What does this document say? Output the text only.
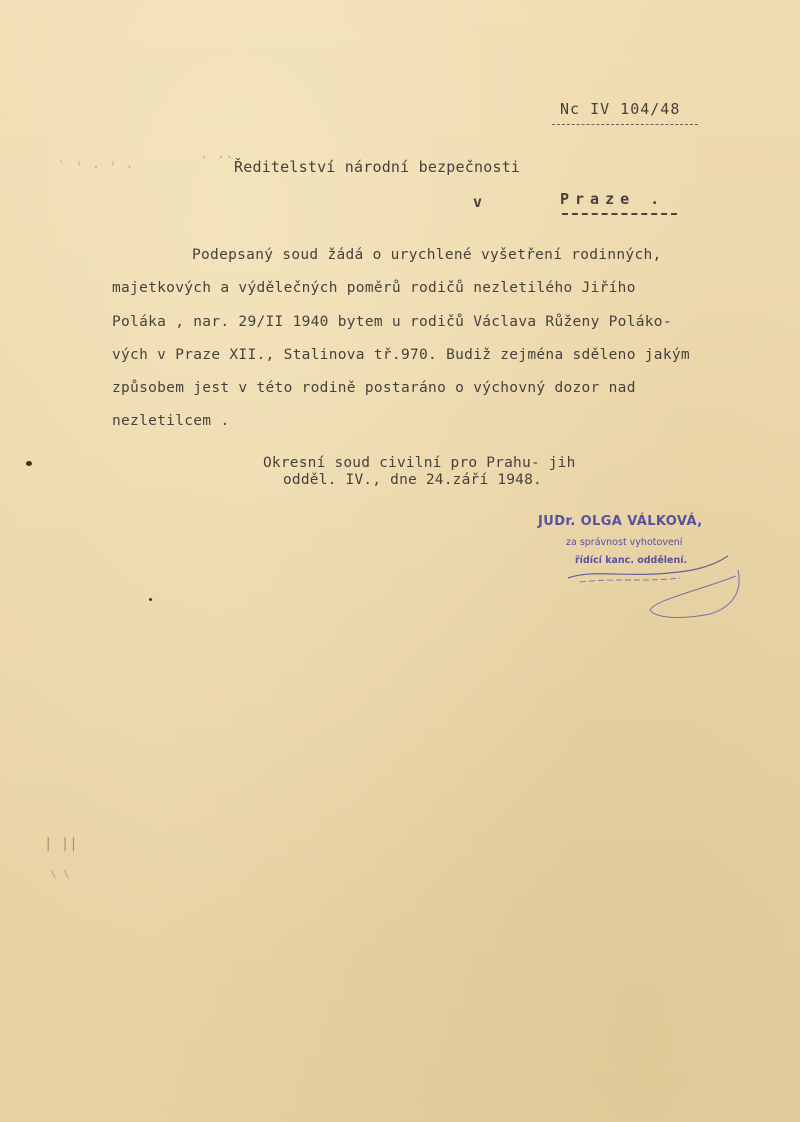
` ' · ' ·
· ··
Nc IV 104/48
Ředitelství národní bezpečnosti
v	Praze .
Podepsaný soud žádá o urychlené vyšetření rodinných,
majetkových a výdělečných poměrů rodičů nezletilého Jiřího
Poláka , nar. 29/II 1940 bytem u rodičů Václava Růženy Poláko-
vých v Praze XII., Stalinova tř.970. Budiž zejména sděleno jakým
způsobem jest v této rodině postaráno o výchovný dozor nad
nezletilcem .
Okresní soud civilní pro Prahu- jih
odděl. IV., dne 24.září 1948.
JUDr. OLGA VÁLKOVÁ,
za správnost vyhotovení
řídící kanc. oddělení.
| ||
\ \
